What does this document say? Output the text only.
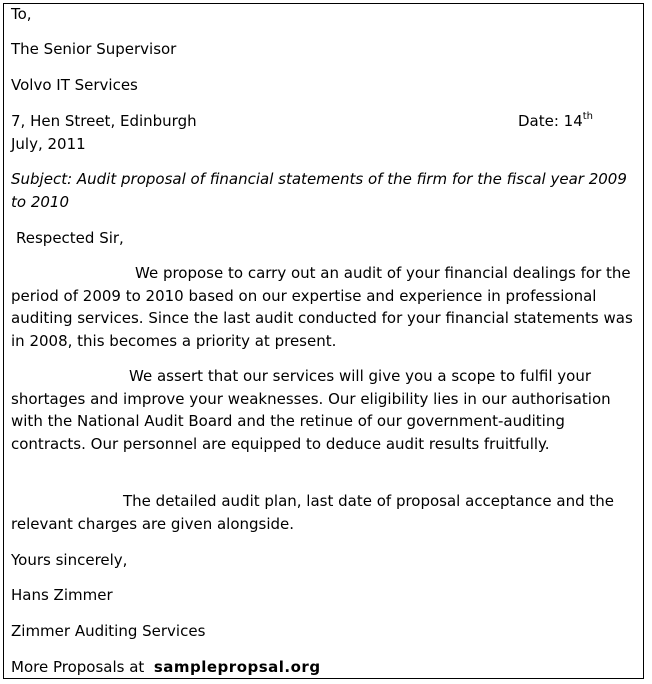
To,

The Senior Supervisor

Volvo IT Services

7, Hen Street, Edinburgh	Date: 14th

July, 2011

Subject: Audit proposal of financial statements of the firm for the fiscal year 2009 to 2010

Respected Sir,

We propose to carry out an audit of your financial dealings for the period of 2009 to 2010 based on our expertise and experience in professional auditing services. Since the last audit conducted for your financial statements was in 2008, this becomes a priority at present.

We assert that our services will give you a scope to fulfil your shortages and improve your weaknesses. Our eligibility lies in our authorisation with the National Audit Board and the retinue of our government-auditing contracts. Our personnel are equipped to deduce audit results fruitfully.

The detailed audit plan, last date of proposal acceptance and the relevant charges are given alongside.

Yours sincerely,

Hans Zimmer

Zimmer Auditing Services

More Proposals at samplepropsal.org
